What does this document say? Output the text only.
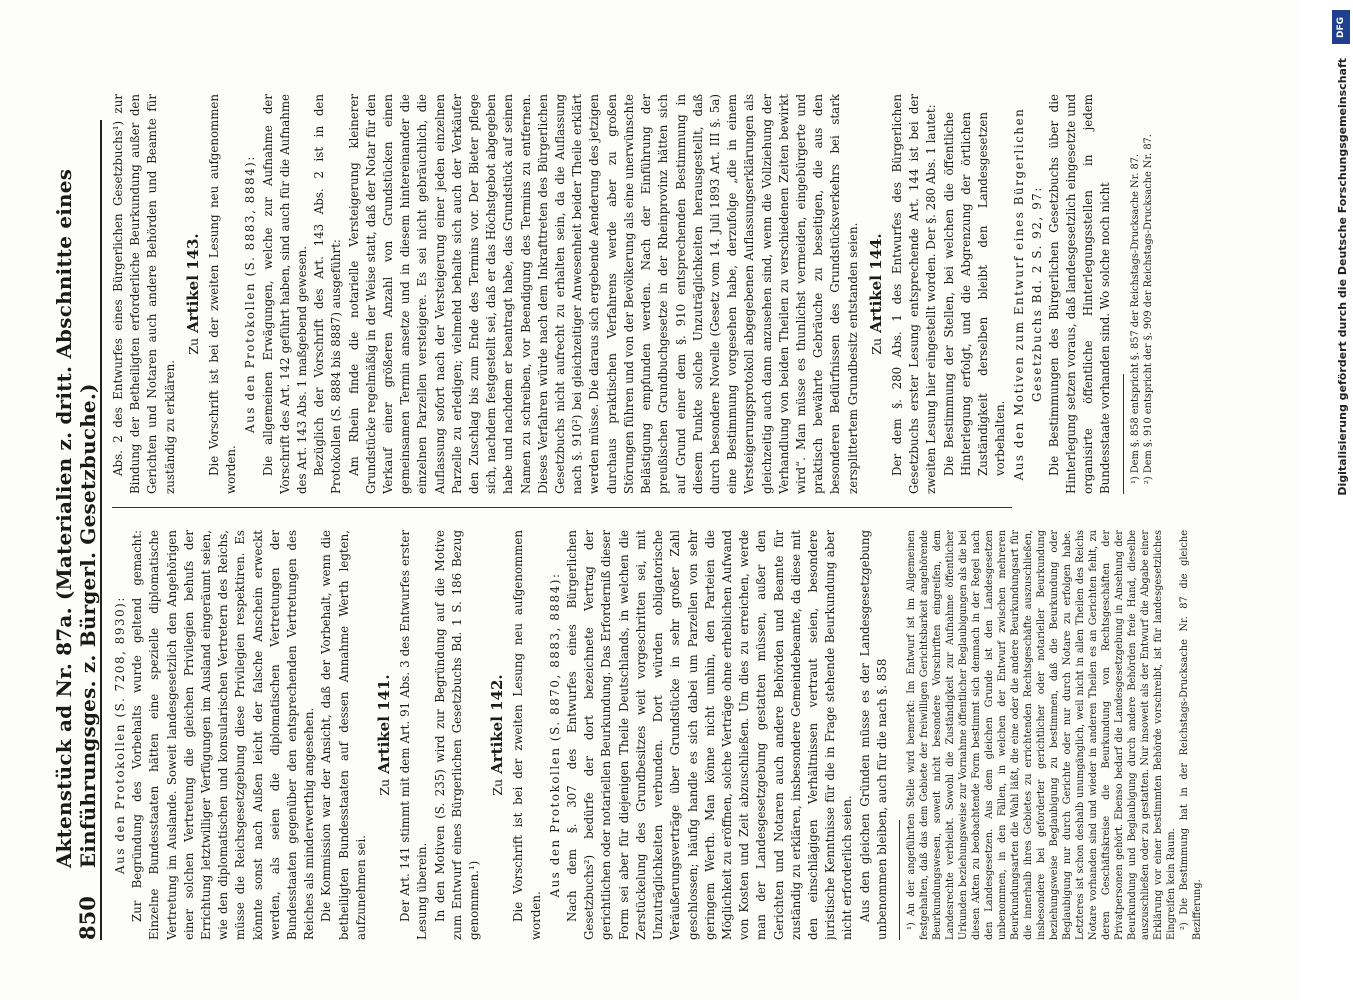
850
Aktenstück ad Nr. 87a. (Materialien z. dritt. Abschnitte eines Einführungsges. z. Bürgerl. Gesetzbuche.) Aus den Protokollen (S. 7208, 8930): Zur Begründung des Vorbehalts wurde geltend gemacht: Einzelne Bundesstaaten hätten eine spezielle diplomatische Vertretung im Auslande. Soweit landesgesetzlich den Angehörigen einer solchen Vertretung die gleichen Privilegien behufs der Errichtung letztwilliger Verfügungen im Ausland eingeräumt seien, wie den diplomatischen und konsularischen Vertretern des Reichs, müsse die Reichsgesetzgebung diese Privilegien respektiren. Es könnte sonst nach Außen leicht der falsche Anschein erweckt werden, als seien die diplomatischen Vertretungen der Bundesstaaten gegenüber den entsprechenden Vertretungen des Reiches als minderwerthig angesehen. Die Kommission war der Ansicht, daß der Vorbehalt, wenn die betheiligten Bundesstaaten auf dessen Annahme Werth legten, aufzunehmen sei.

ZuArtikel 141. Der Art. 141 stimmt mit dem Art. 91 Abs. 3 des Entwurfes erster Lesung überein. In den Motiven (S. 235) wird zur Begründung auf die Motive zum Entwurf eines Bürgerlichen Gesetzbuchs Bd. 1 S. 186 Bezug genommen.¹)

ZuArtikel 142. Die Vorschrift ist bei der zweiten Lesung neu aufgenommen worden.

Aus den Protokollen (S. 8870, 8883, 8884): Nach dem §. 307 des Entwurfes eines Bürgerlichen Gesetzbuchs²) bedürfe der dort bezeichnete Vertrag der gerichtlichen oder notariellen Beurkundung. Das Erforderniß dieser Form sei aber für diejenigen Theile Deutschlands, in welchen die Zerstückelung des Grundbesitzes weit vorgeschritten sei, mit Unzuträglichkeiten verbunden. Dort würden obligatorische Veräußerungsverträge über Grundstücke in sehr großer Zahl geschlossen; häufig handle es sich dabei um Parzellen von sehr geringem Werth. Man könne nicht umhin, den Parteien die Möglichkeit zu eröffnen, solche Verträge ohne erheblichen Aufwand von Kosten und Zeit abzuschließen. Um dies zu erreichen, werde man der Landesgesetzgebung gestatten müssen, außer den Gerichten und Notaren auch andere Behörden und Beamte für zuständig zu erklären, insbesondere Gemeindebeamte, da diese mit den einschlägigen Verhältnissen vertraut seien, besondere juristische Kenntnisse für die in Frage stehende Beurkundung aber nicht erforderlich seien. Aus den gleichen Gründen müsse es der Landesgesetzgebung unbenommen bleiben, auch für die nach §. 858 ¹) An der angeführten Stelle wird bemerkt: Im Entwurf ist im Allgemeinen festgehalten, daß das dem Gebiete der freiwilligen Gerichtsbarkeit angehörende Beurkundungswesen, soweit nicht besondere Vorschriften eingreifen, dem Landesrechte verbleibt. Sowohl die Zuständigkeit zur Aufnahme öffentlicher Urkunden beziehungsweise zur Vornahme öffentlicher Beglaubigungen als die bei diesen Akten zu beobachtende Form bestimmt sich demnach in der Regel nach den Landesgesetzen. Aus dem gleichen Grunde ist den Landesgesetzen unbenommen, in den Fällen, in welchen der Entwurf zwischen mehreren Beurkundungsarten die Wahl läßt, die eine oder die andere Beurkundungsart für die innerhalb ihres Gebietes zu errichtenden Rechtsgeschäfte auszuschließen, insbesondere bei geforderter gerichtlicher oder notarieller Beurkundung beziehungsweise Beglaubigung zu bestimmen, daß die Beurkundung oder Beglaubigung nur durch Gerichte oder nur durch Notare zu erfolgen habe. Letzteres ist schon deshalb unumgänglich, weil nicht in allen Theilen des Reichs Notare vorhanden sind und wieder in anderen Theilen es an Gerichten fehlt, zu deren Geschäftskreise die Beurkundung von Rechtsgeschäften der Privatpersonen gehört. Ebenso bedarf die Landesgesetzgebung in Ansehung der Beurkundung und Beglaubigung durch andere Behörden freie Hand, dieselbe auszuschließen oder zu gestatten. Nur insoweit als der Entwurf die Abgabe einer Erklärung vor einer bestimmten Behörde vorschreibt, ist für landesgesetzliches Eingreifen kein Raum. ²) Die Bestimmung hat in der Reichstags-Drucksache Nr. 87 die gleiche Bezifferung.

Abs. 2 des Entwurfes eines Bürgerlichen Gesetzbuchs¹) zur Bindung der Betheiligten erforderliche Beurkundung außer den Gerichten und Notaren auch andere Behörden und Beamte für zuständig zu erklären.

ZuArtikel 143. Die Vorschrift ist bei der zweiten Lesung neu aufgenommen worden.

Aus den Protokollen (S. 8883, 8884): Die allgemeinen Erwägungen, welche zur Aufnahme der Vorschrift des Art. 142 geführt haben, sind auch für die Aufnahme des Art. 143 Abs. 1 maßgebend gewesen. Bezüglich der Vorschrift des Art. 143 Abs. 2 ist in den Protokollen (S. 8884 bis 8887) ausgeführt: Am Rhein finde die notarielle Versteigerung kleinerer Grundstücke regelmäßig in der Weise statt, daß der Notar für den Verkauf einer größeren Anzahl von Grundstücken einen gemeinsamen Termin ansetze und in diesem hintereinander die einzelnen Parzellen versteigere. Es sei nicht gebräuchlich, die Auflassung sofort nach der Versteigerung einer jeden einzelnen Parzelle zu erledigen; vielmehd behalte sich auch der Verkäufer den Zuschlag bis zum Ende des Termins vor. Der Bieter pflege sich, nachdem festgestellt sei, daß er das Höchstgebot abgegeben habe und nachdem er beantragt habe, das Grundstück auf seinen Namen zu schreiben, vor Beendigung des Termins zu entfernen. Dieses Verfahren würde nach dem Inkrafttreten des Bürgerlichen Gesetzbuchs nicht aufrecht zu erhalten sein, da die Auflassung nach §. 910²) bei gleichzeitiger Anwesenheit beider Theile erklärt werden müsse. Die daraus sich ergebende Aenderung des jetzigen durchaus praktischen Verfahrens werde aber zu großen Störungen führen und von der Bevölkerung als eine unerwünschte Belästigung empfunden werden. Nach der Einführung der preußischen Grundbuchgesetze in der Rheinprovinz hätten sich auf Grund einer dem §. 910 entsprechenden Bestimmung in diesem Punkte solche Unzuträglichkeiten herausgestellt, daß durch besondere Novelle (Gesetz vom 14. Juli 1893 Art. III §. 5a) eine Bestimmung vorgesehen habe, derzufolge „die in einem Versteigerungsprotokoll abgegebenen Auflassungserklärungen als gleichzeitig auch dann anzusehen sind, wenn die Vollziehung der Verhandlung von beiden Theilen zu verschiedenen Zeiten bewirkt wird“. Man müsse es thunlichst vermeiden, eingebürgerte und praktisch bewährte Gebräuche zu beseitigen, die aus den besonderen Bedürfnissen des Grundstücksverkehrs bei stark zersplittertem Grundbesitz entstanden seien. ZuArtikel 144. Der dem §. 280 Abs. 1 des Entwurfes des Bürgerlichen Gesetzbuchs erster Lesung entsprechende Art. 144 ist bei der zweiten Lesung hier eingestellt worden. Der §. 280 Abs. 1 lautet: Die Bestimmung der Stellen, bei welchen die öffentliche Hinterlegung erfolgt, und die Abgrenzung der örtlichen Zuständigkeit derselben bleibt den Landesgesetzen vorbehalten. Aus den Motiven zum Entwurf eines Bürgerlichen Gesetzbuchs Bd. 2 S. 92, 97: Die Bestimmungen des Bürgerlichen Gesetzbuchs über die Hinterlegung setzen voraus, daß landesgesetzlich eingesetzte und organisirte öffentliche Hinterlegungsstellen in jedem Bundesstaate vorhanden sind. Wo solche noch nicht ¹) Dem §. 858 entspricht §. 857 der Reichstags-Drucksache Nr. 87. ²) Dem §. 910 entspricht der §. 909 der Reichstags-Drucksache Nr. 87.

DFG
Digitalisierung gefördert durch die Deutsche Forschungsgemeinschaft
